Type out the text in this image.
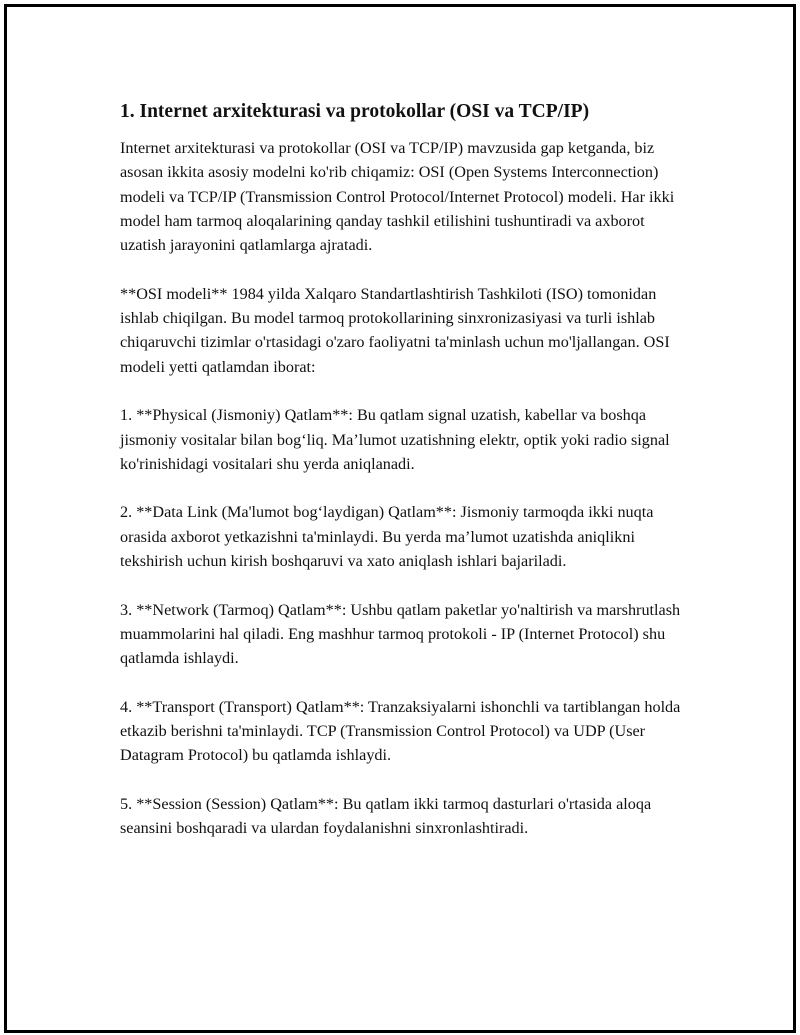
1. Internet arxitekturasi va protokollar (OSI va TCP/IP)

Internet arxitekturasi va protokollar (OSI va TCP/IP) mavzusida gap ketganda, biz asosan ikkita asosiy modelni ko'rib chiqamiz: OSI (Open Systems Interconnection) modeli va TCP/IP (Transmission Control Protocol/Internet Protocol) modeli. Har ikki model ham tarmoq aloqalarining qanday tashkil etilishini tushuntiradi va axborot uzatish jarayonini qatlamlarga ajratadi.

**OSI modeli** 1984 yilda Xalqaro Standartlashtirish Tashkiloti (ISO) tomonidan ishlab chiqilgan. Bu model tarmoq protokollarining sinxronizasiyasi va turli ishlab chiqaruvchi tizimlar o'rtasidagi o'zaro faoliyatni ta'minlash uchun mo'ljallangan. OSI modeli yetti qatlamdan iborat:

1. **Physical (Jismoniy) Qatlam**: Bu qatlam signal uzatish, kabellar va boshqa jismoniy vositalar bilan bog‘liq. Ma’lumot uzatishning elektr, optik yoki radio signal ko'rinishidagi vositalari shu yerda aniqlanadi.

2. **Data Link (Ma'lumot bog‘laydigan) Qatlam**: Jismoniy tarmoqda ikki nuqta orasida axborot yetkazishni ta'minlaydi. Bu yerda ma’lumot uzatishda aniqlikni tekshirish uchun kirish boshqaruvi va xato aniqlash ishlari bajariladi.

3. **Network (Tarmoq) Qatlam**: Ushbu qatlam paketlar yo'naltirish va marshrutlash muammolarini hal qiladi. Eng mashhur tarmoq protokoli - IP (Internet Protocol) shu qatlamda ishlaydi.

4. **Transport (Transport) Qatlam**: Tranzaksiyalarni ishonchli va tartiblangan holda etkazib berishni ta'minlaydi. TCP (Transmission Control Protocol) va UDP (User Datagram Protocol) bu qatlamda ishlaydi.

5. **Session (Session) Qatlam**: Bu qatlam ikki tarmoq dasturlari o'rtasida aloqa seansini boshqaradi va ulardan foydalanishni sinxronlashtiradi.
